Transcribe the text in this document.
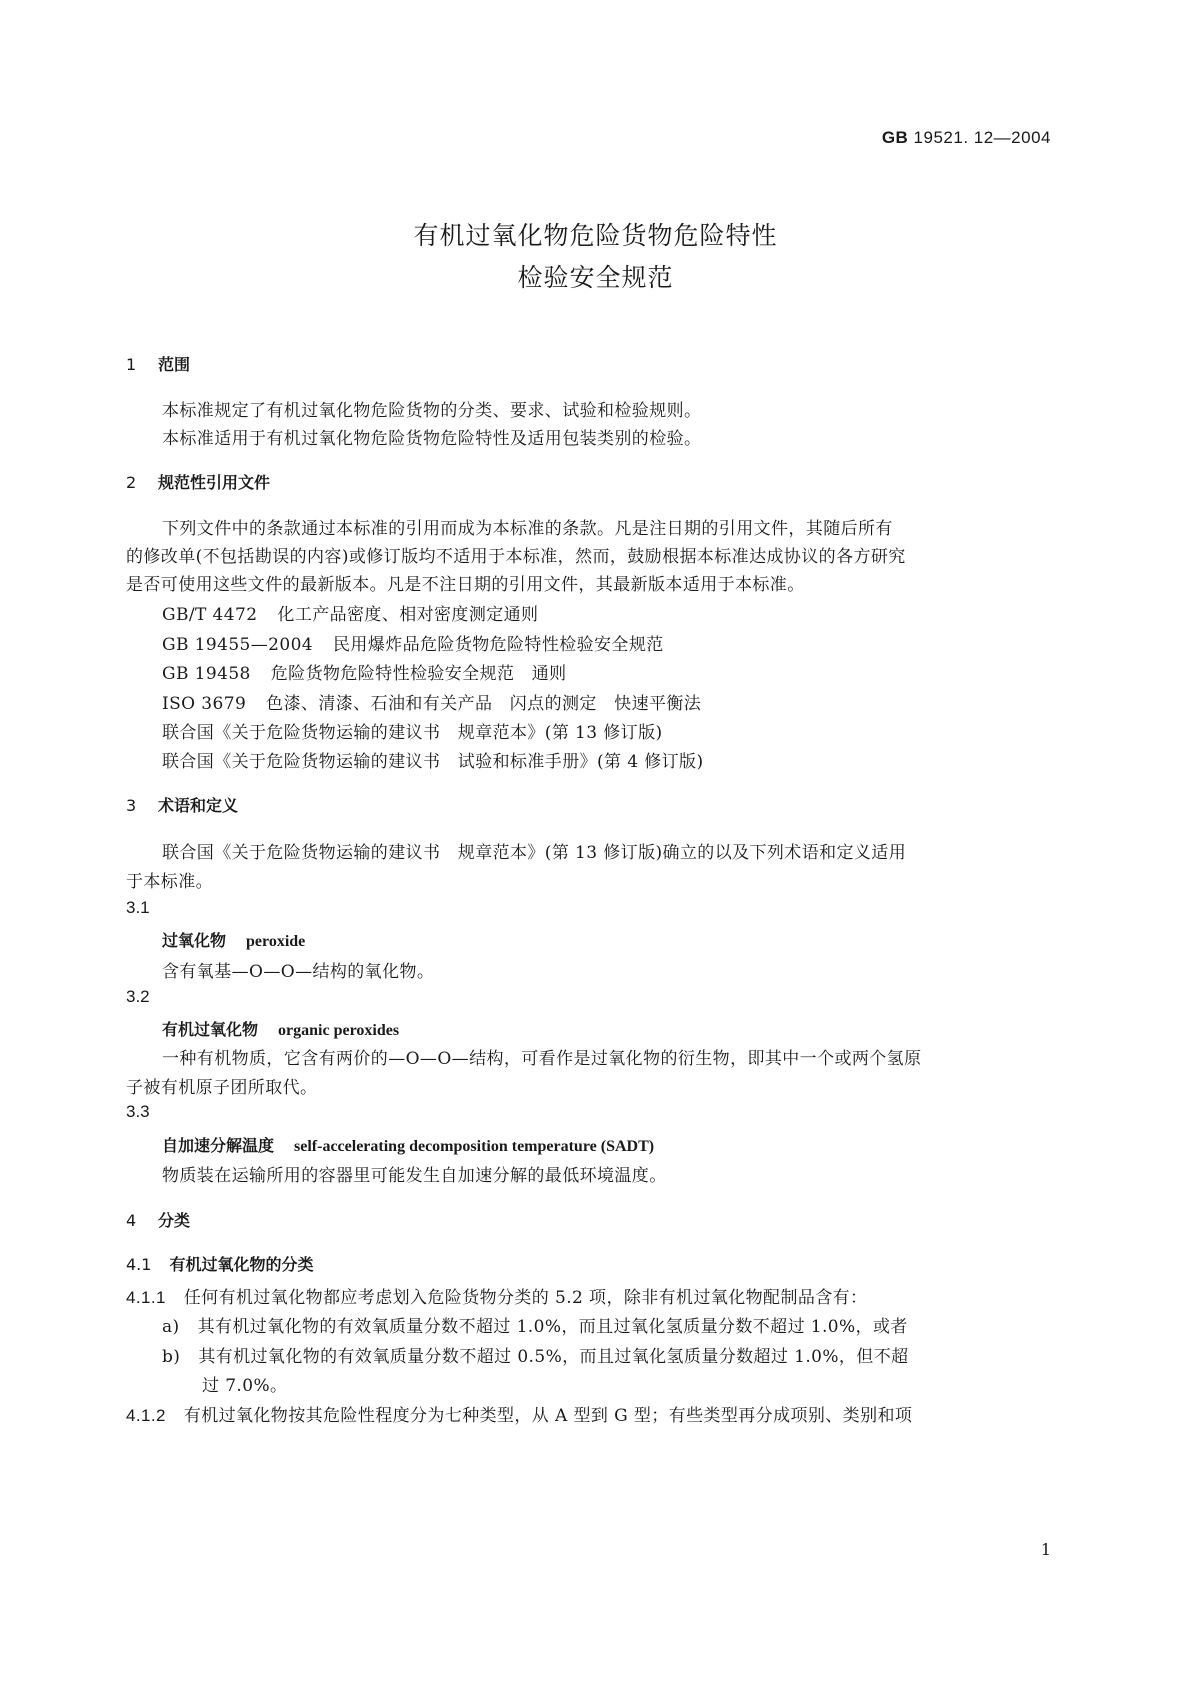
GB 19521. 12—2004
有机过氧化物危险货物危险特性
检验安全规范
1 范围
本标准规定了有机过氧化物危险货物的分类、要求、试验和检验规则。
本标准适用于有机过氧化物危险货物危险特性及适用包装类别的检验。
2 规范性引用文件
下列文件中的条款通过本标准的引用而成为本标准的条款。凡是注日期的引用文件，其随后所有
的修改单(不包括勘误的内容)或修订版均不适用于本标准，然而，鼓励根据本标准达成协议的各方研究
是否可使用这些文件的最新版本。凡是不注日期的引用文件，其最新版本适用于本标准。
GB/T 4472 化工产品密度、相对密度测定通则
GB 19455—2004 民用爆炸品危险货物危险特性检验安全规范
GB 19458 危险货物危险特性检验安全规范　通则
ISO 3679 色漆、清漆、石油和有关产品　闪点的测定　快速平衡法
联合国《关于危险货物运输的建议书　规章范本》(第 13 修订版)
联合国《关于危险货物运输的建议书　试验和标准手册》(第 4 修订版)
3 术语和定义
联合国《关于危险货物运输的建议书　规章范本》(第 13 修订版)确立的以及下列术语和定义适用
于本标准。
3.1
过氧化物 peroxide
含有氧基—O—O—结构的氧化物。
3.2
有机过氧化物 organic peroxides
一种有机物质，它含有两价的—O—O—结构，可看作是过氧化物的衍生物，即其中一个或两个氢原
子被有机原子团所取代。
3.3
自加速分解温度 self-accelerating decomposition temperature (SADT)
物质装在运输所用的容器里可能发生自加速分解的最低环境温度。
4 分类
4.1 有机过氧化物的分类
4.1.1 任何有机过氧化物都应考虑划入危险货物分类的 5.2 项，除非有机过氧化物配制品含有：
a) 其有机过氧化物的有效氧质量分数不超过 1.0%，而且过氧化氢质量分数不超过 1.0%，或者
b) 其有机过氧化物的有效氧质量分数不超过 0.5%，而且过氧化氢质量分数超过 1.0%，但不超
过 7.0%。
4.1.2 有机过氧化物按其危险性程度分为七种类型，从 A 型到 G 型；有些类型再分成项别、类别和项
1
